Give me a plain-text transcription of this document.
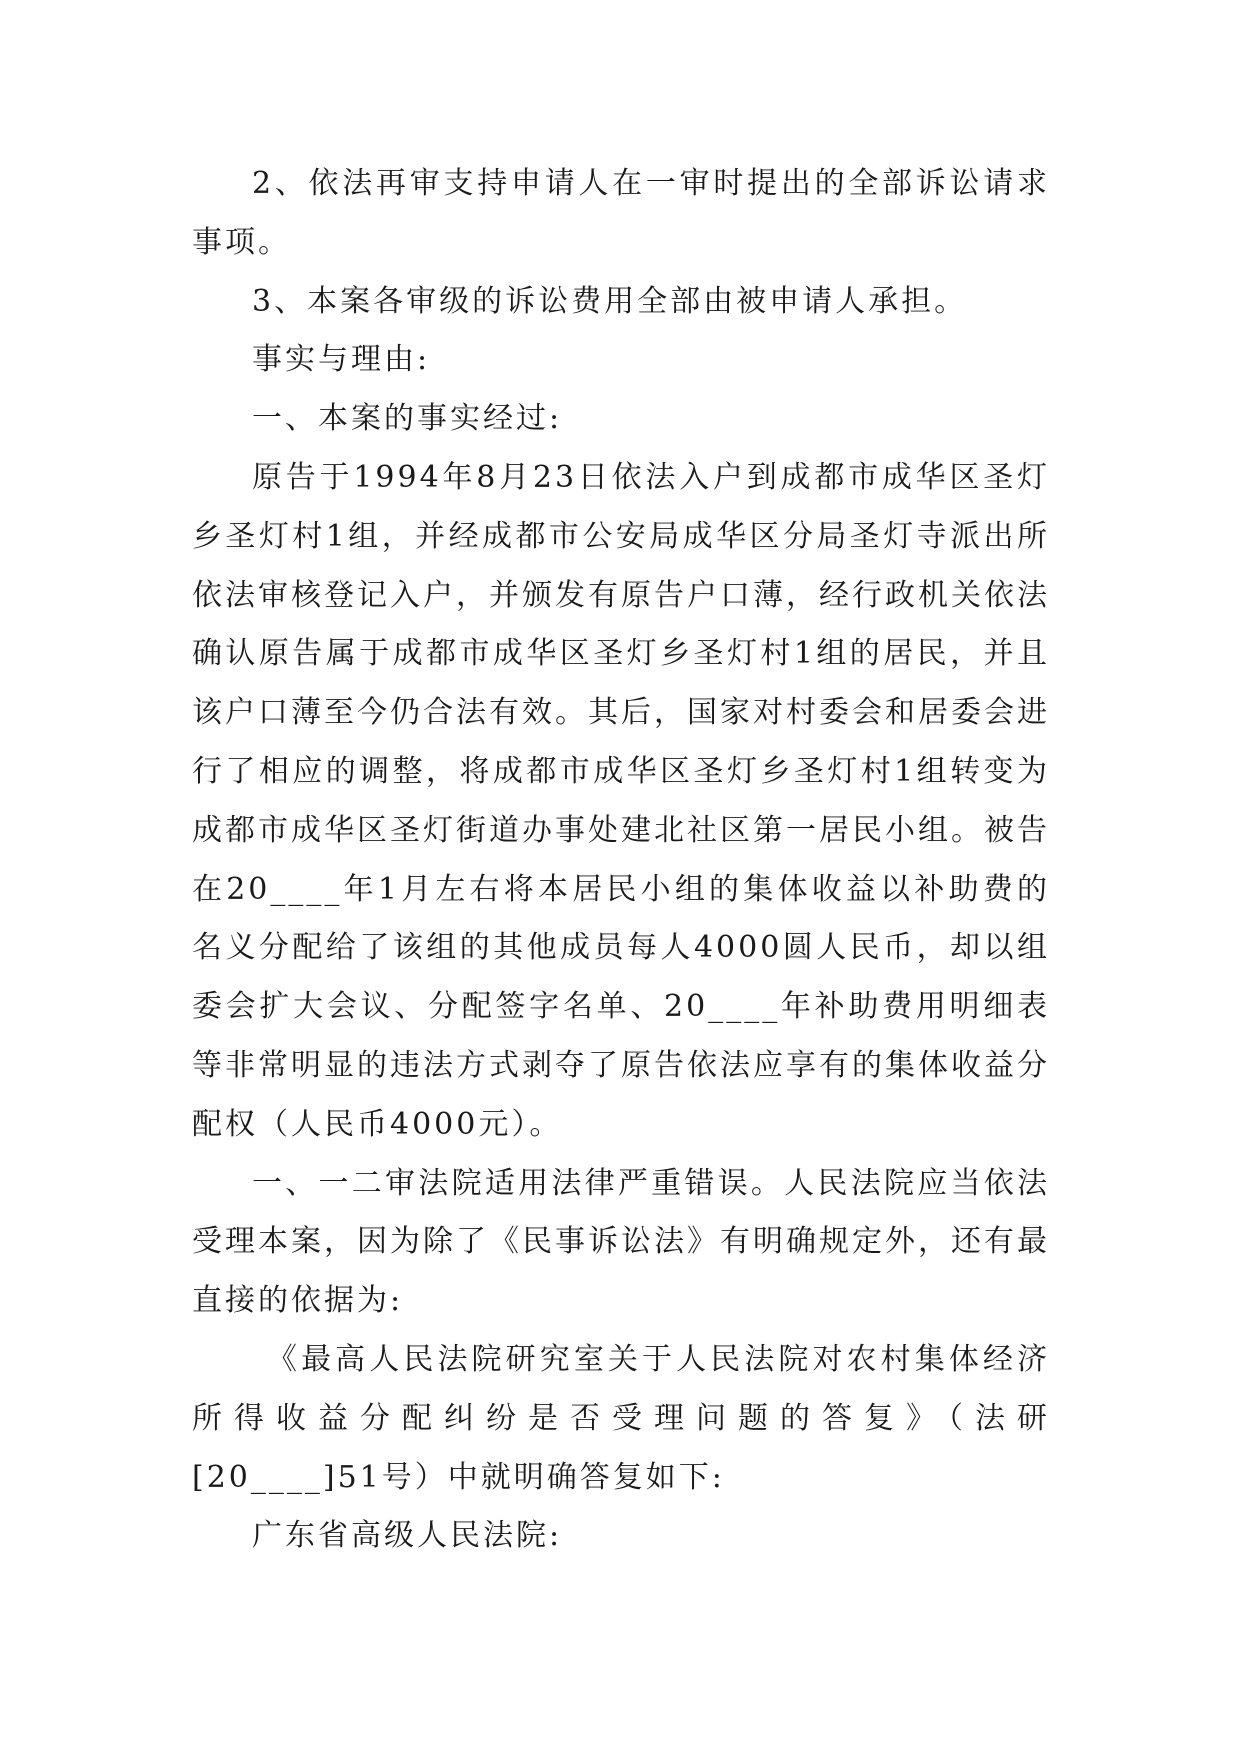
2、依法再审支持申请人在一审时提出的全部诉讼请求事项。

3、本案各审级的诉讼费用全部由被申请人承担。

事实与理由:

一、本案的事实经过:

原告于1994年8月23日依法入户到成都市成华区圣灯乡圣灯村1组，并经成都市公安局成华区分局圣灯寺派出所依法审核登记入户，并颁发有原告户口薄，经行政机关依法确认原告属于成都市成华区圣灯乡圣灯村1组的居民，并且该户口薄至今仍合法有效。其后，国家对村委会和居委会进行了相应的调整，将成都市成华区圣灯乡圣灯村1组转变为成都市成华区圣灯街道办事处建北社区第一居民小组。被告在20____年1月左右将本居民小组的集体收益以补助费的名义分配给了该组的其他成员每人4000圆人民币，却以组委会扩大会议、分配签字名单、20____年补助费用明细表等非常明显的违法方式剥夺了原告依法应享有的集体收益分配权（人民币4000元）。

一、一二审法院适用法律严重错误。人民法院应当依法受理本案，因为除了《民事诉讼法》有明确规定外，还有最直接的依据为:

《最高人民法院研究室关于人民法院对农村集体经济所得收益分配纠纷是否受理问题的答复》（法研[20____]51号）中就明确答复如下:

广东省高级人民法院:
